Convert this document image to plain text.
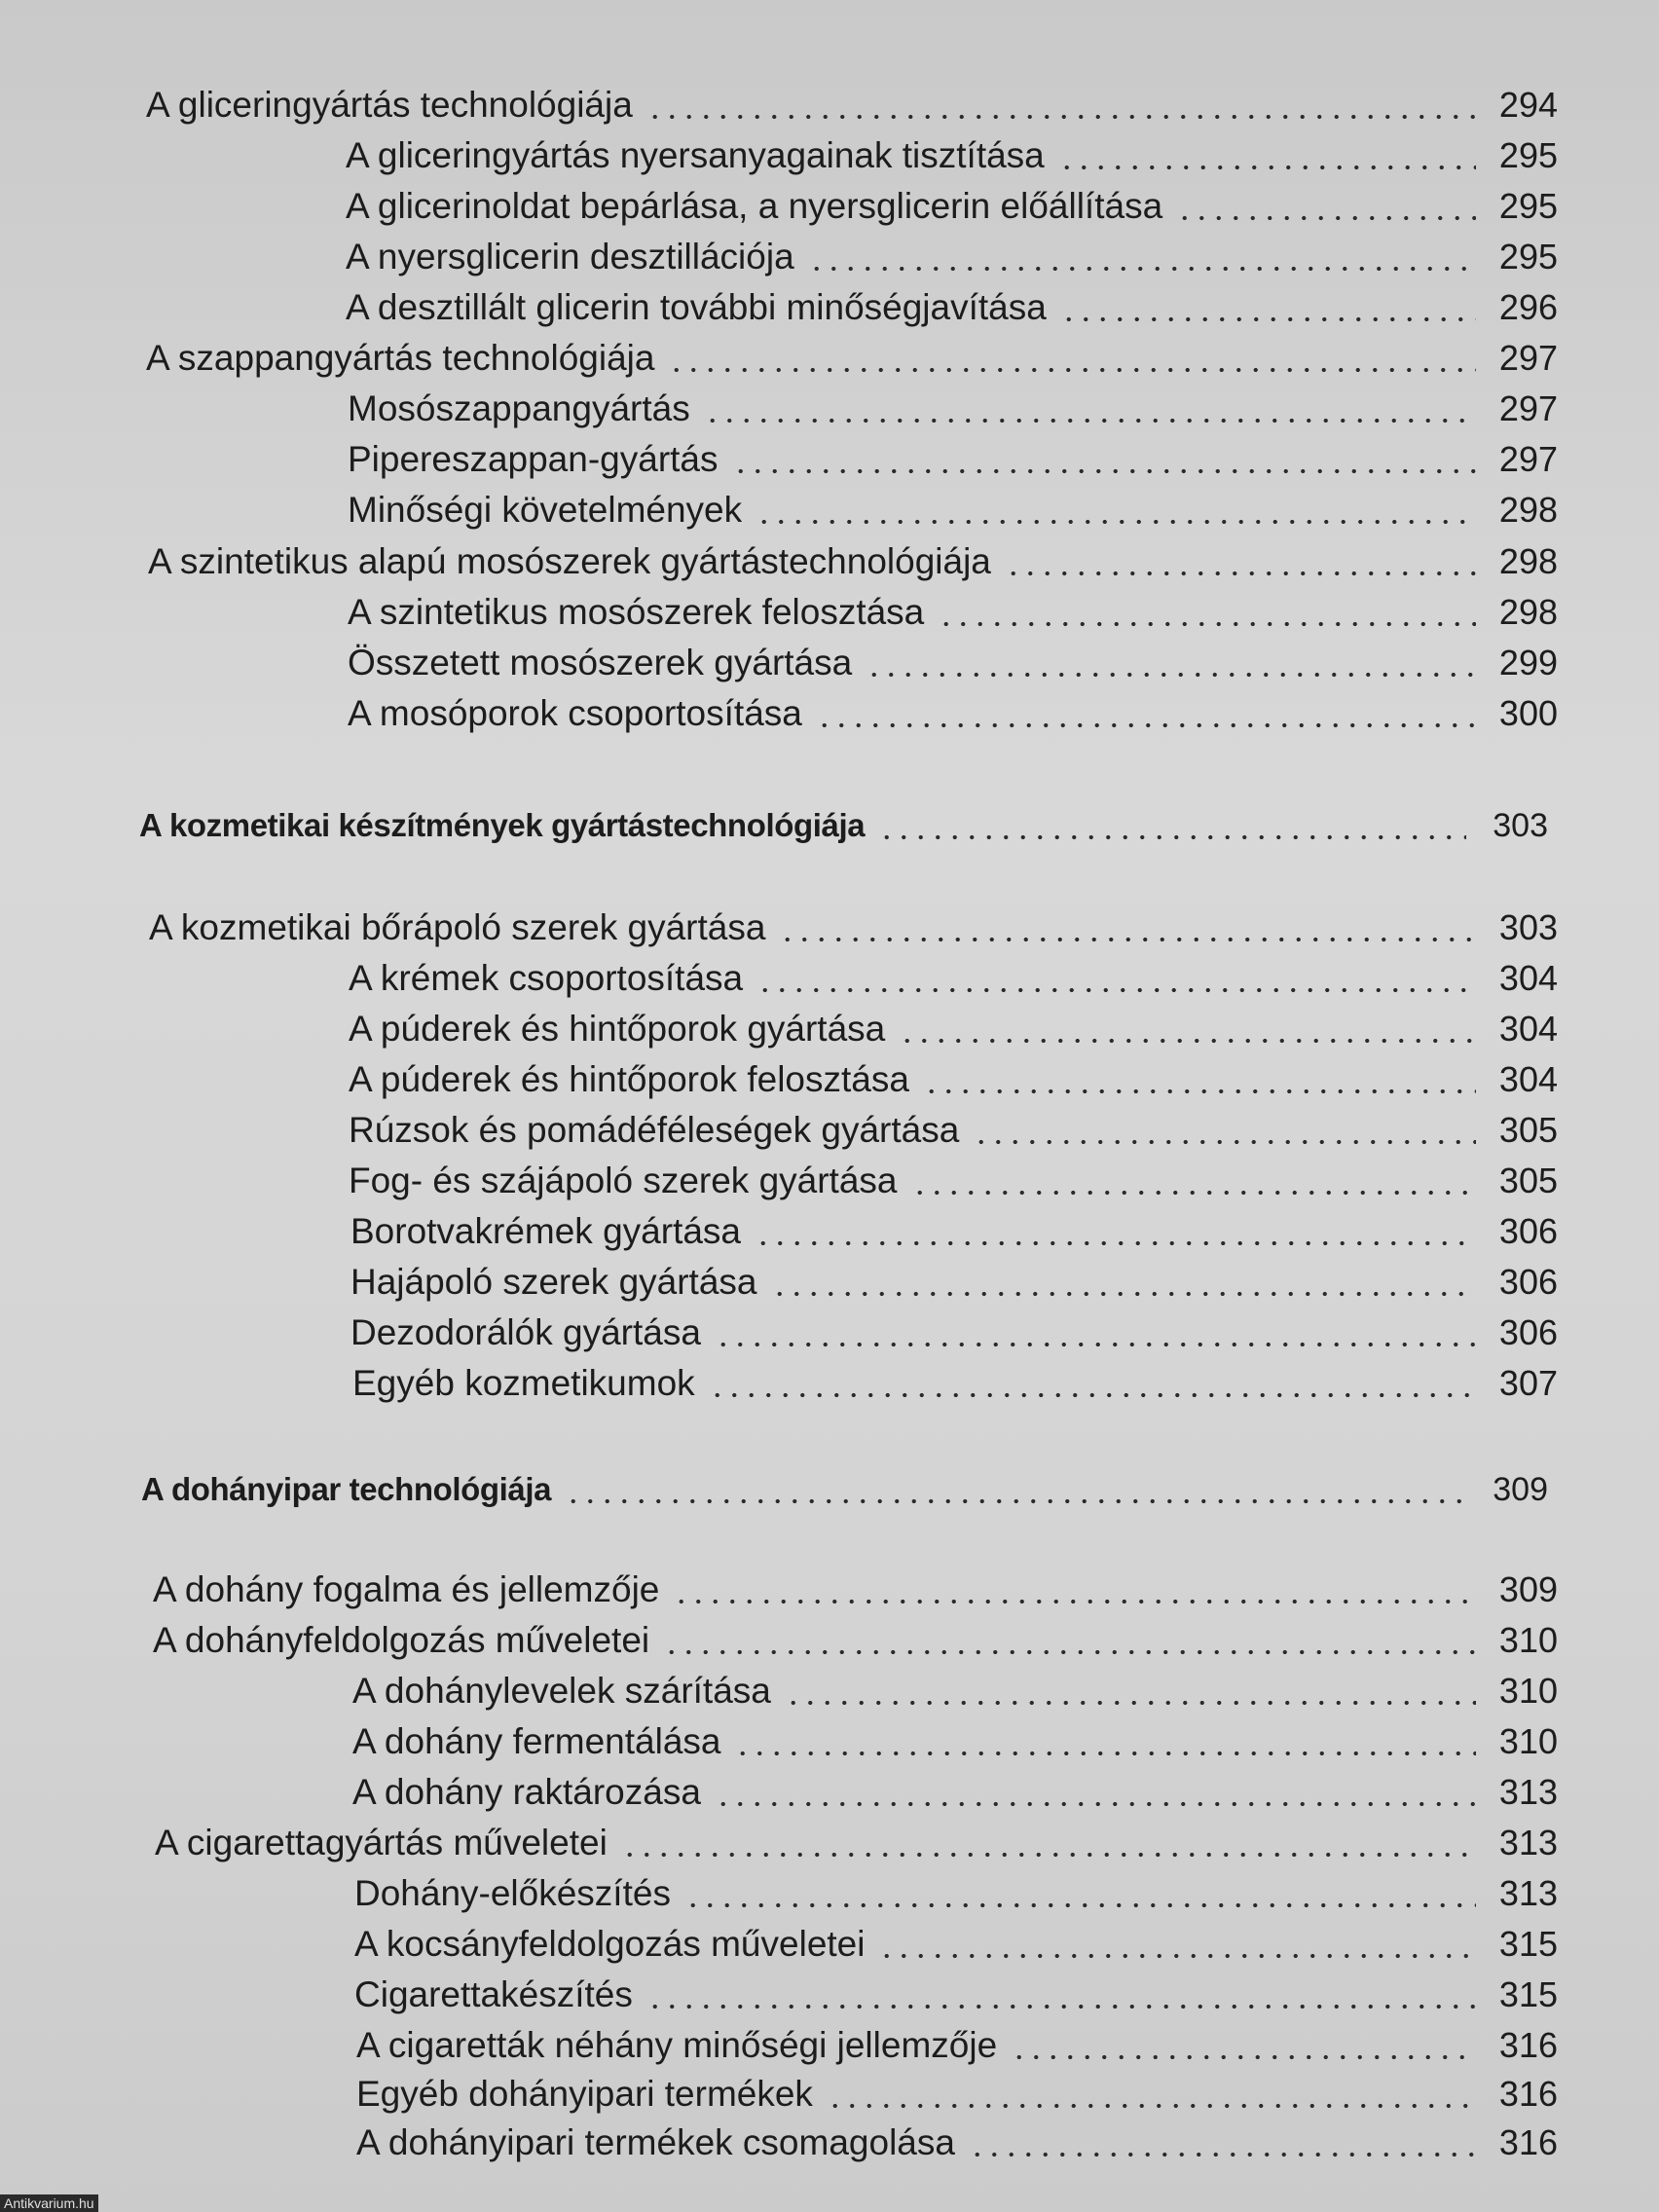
A gliceringyártás technológiája	294
A gliceringyártás nyersanyagainak tisztítása	295
A glicerinoldat bepárlása, a nyersglicerin előállítása	295
A nyersglicerin desztillációja	295
A desztillált glicerin további minőségjavítása	296
A szappangyártás technológiája	297
Mosószappangyártás	297
Pipereszappan-gyártás	297
Minőségi követelmények	298
A szintetikus alapú mosószerek gyártástechnológiája	298
A szintetikus mosószerek felosztása	298
Összetett mosószerek gyártása	299
A mosóporok csoportosítása	300
A kozmetikai készítmények gyártástechnológiája	303
A kozmetikai bőrápoló szerek gyártása	303
A krémek csoportosítása	304
A púderek és hintőporok gyártása	304
A púderek és hintőporok felosztása	304
Rúzsok és pomádéféleségek gyártása	305
Fog- és szájápoló szerek gyártása	305
Borotvakrémek gyártása	306
Hajápoló szerek gyártása	306
Dezodorálók gyártása	306
Egyéb kozmetikumok	307
A dohányipar technológiája	309
A dohány fogalma és jellemzője	309
A dohányfeldolgozás műveletei	310
A dohánylevelek szárítása	310
A dohány fermentálása	310
A dohány raktározása	313
A cigarettagyártás műveletei	313
Dohány-előkészítés	313
A kocsányfeldolgozás műveletei	315
Cigarettakészítés	315
A cigaretták néhány minőségi jellemzője	316
Egyéb dohányipari termékek	316
A dohányipari termékek csomagolása	316
Antikvarium.hu
